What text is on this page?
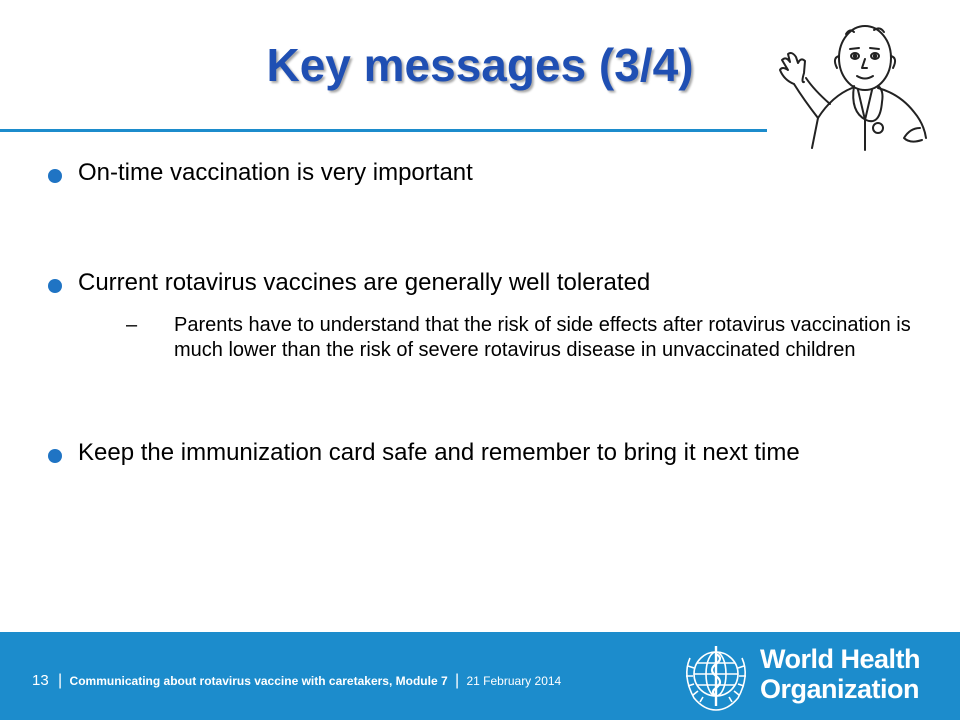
Key messages (3/4)
On-time vaccination is very important
Current rotavirus vaccines are generally well tolerated
–	Parents have to understand that the risk of side effects after rotavirus vaccination is much lower than the risk of severe rotavirus disease in unvaccinated children
Keep the immunization card safe and remember to bring it next time
13 | Communicating about rotavirus vaccine with caretakers, Module 7 | 21 February 2014
World Health
Organization
